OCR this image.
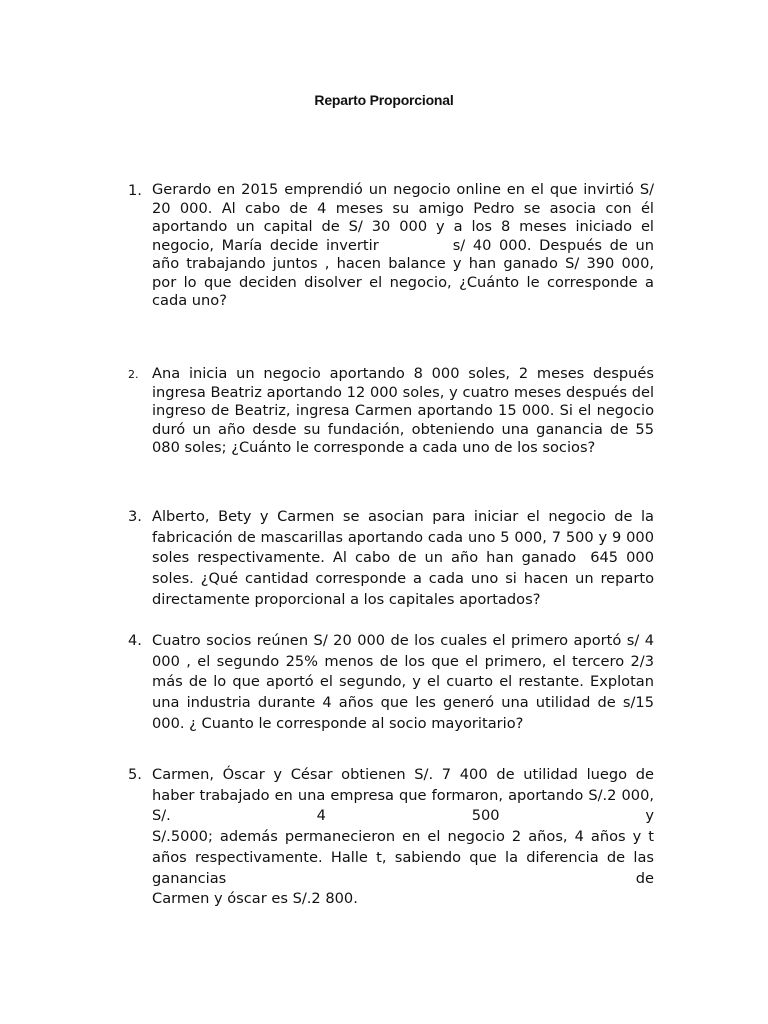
Reparto Proporcional
1. Gerardo en 2015 emprendió un negocio online en el que invirtió S/ 20 000. Al cabo de 4 meses su amigo Pedro se asocia con él aportando un capital de S/ 30 000 y a los 8 meses iniciado el negocio, María decide invertir	s/ 40 000. Después de un año trabajando juntos , hacen balance y han ganado S/ 390 000, por lo que deciden disolver el negocio, ¿Cuánto le corresponde a cada uno?
2. Ana inicia un negocio aportando 8 000 soles, 2 meses después ingresa Beatriz aportando 12 000 soles, y cuatro meses después del ingreso de Beatriz, ingresa Carmen aportando 15 000. Si el negocio duró un año desde su fundación, obteniendo una ganancia de 55 080 soles; ¿Cuánto le corresponde a cada uno de los socios?
3. Alberto, Bety y Carmen se asocian para iniciar el negocio de la fabricación de mascarillas aportando cada uno 5 000, 7 500 y 9 000 soles respectivamente. Al cabo de un año han ganado 645 000 soles. ¿Qué cantidad corresponde a cada uno si hacen un reparto directamente proporcional a los capitales aportados?
4. Cuatro socios reúnen S/ 20 000 de los cuales el primero aportó s/ 4 000 , el segundo 25% menos de los que el primero, el tercero 2/3 más de lo que aportó el segundo, y el cuarto el restante. Explotan una industria durante 4 años que les generó una utilidad de s/15 000. ¿ Cuanto le corresponde al socio mayoritario?
5. Carmen, Óscar y César obtienen S/. 7 400 de utilidad luego de haber trabajado en una empresa que formaron, aportando S/.2 000, S/. 4 500 y
S/.5000; además permanecieron en el negocio 2 años, 4 años y t años respectivamente. Halle t, sabiendo que la diferencia de las ganancias de
Carmen y óscar es S/.2 800.
